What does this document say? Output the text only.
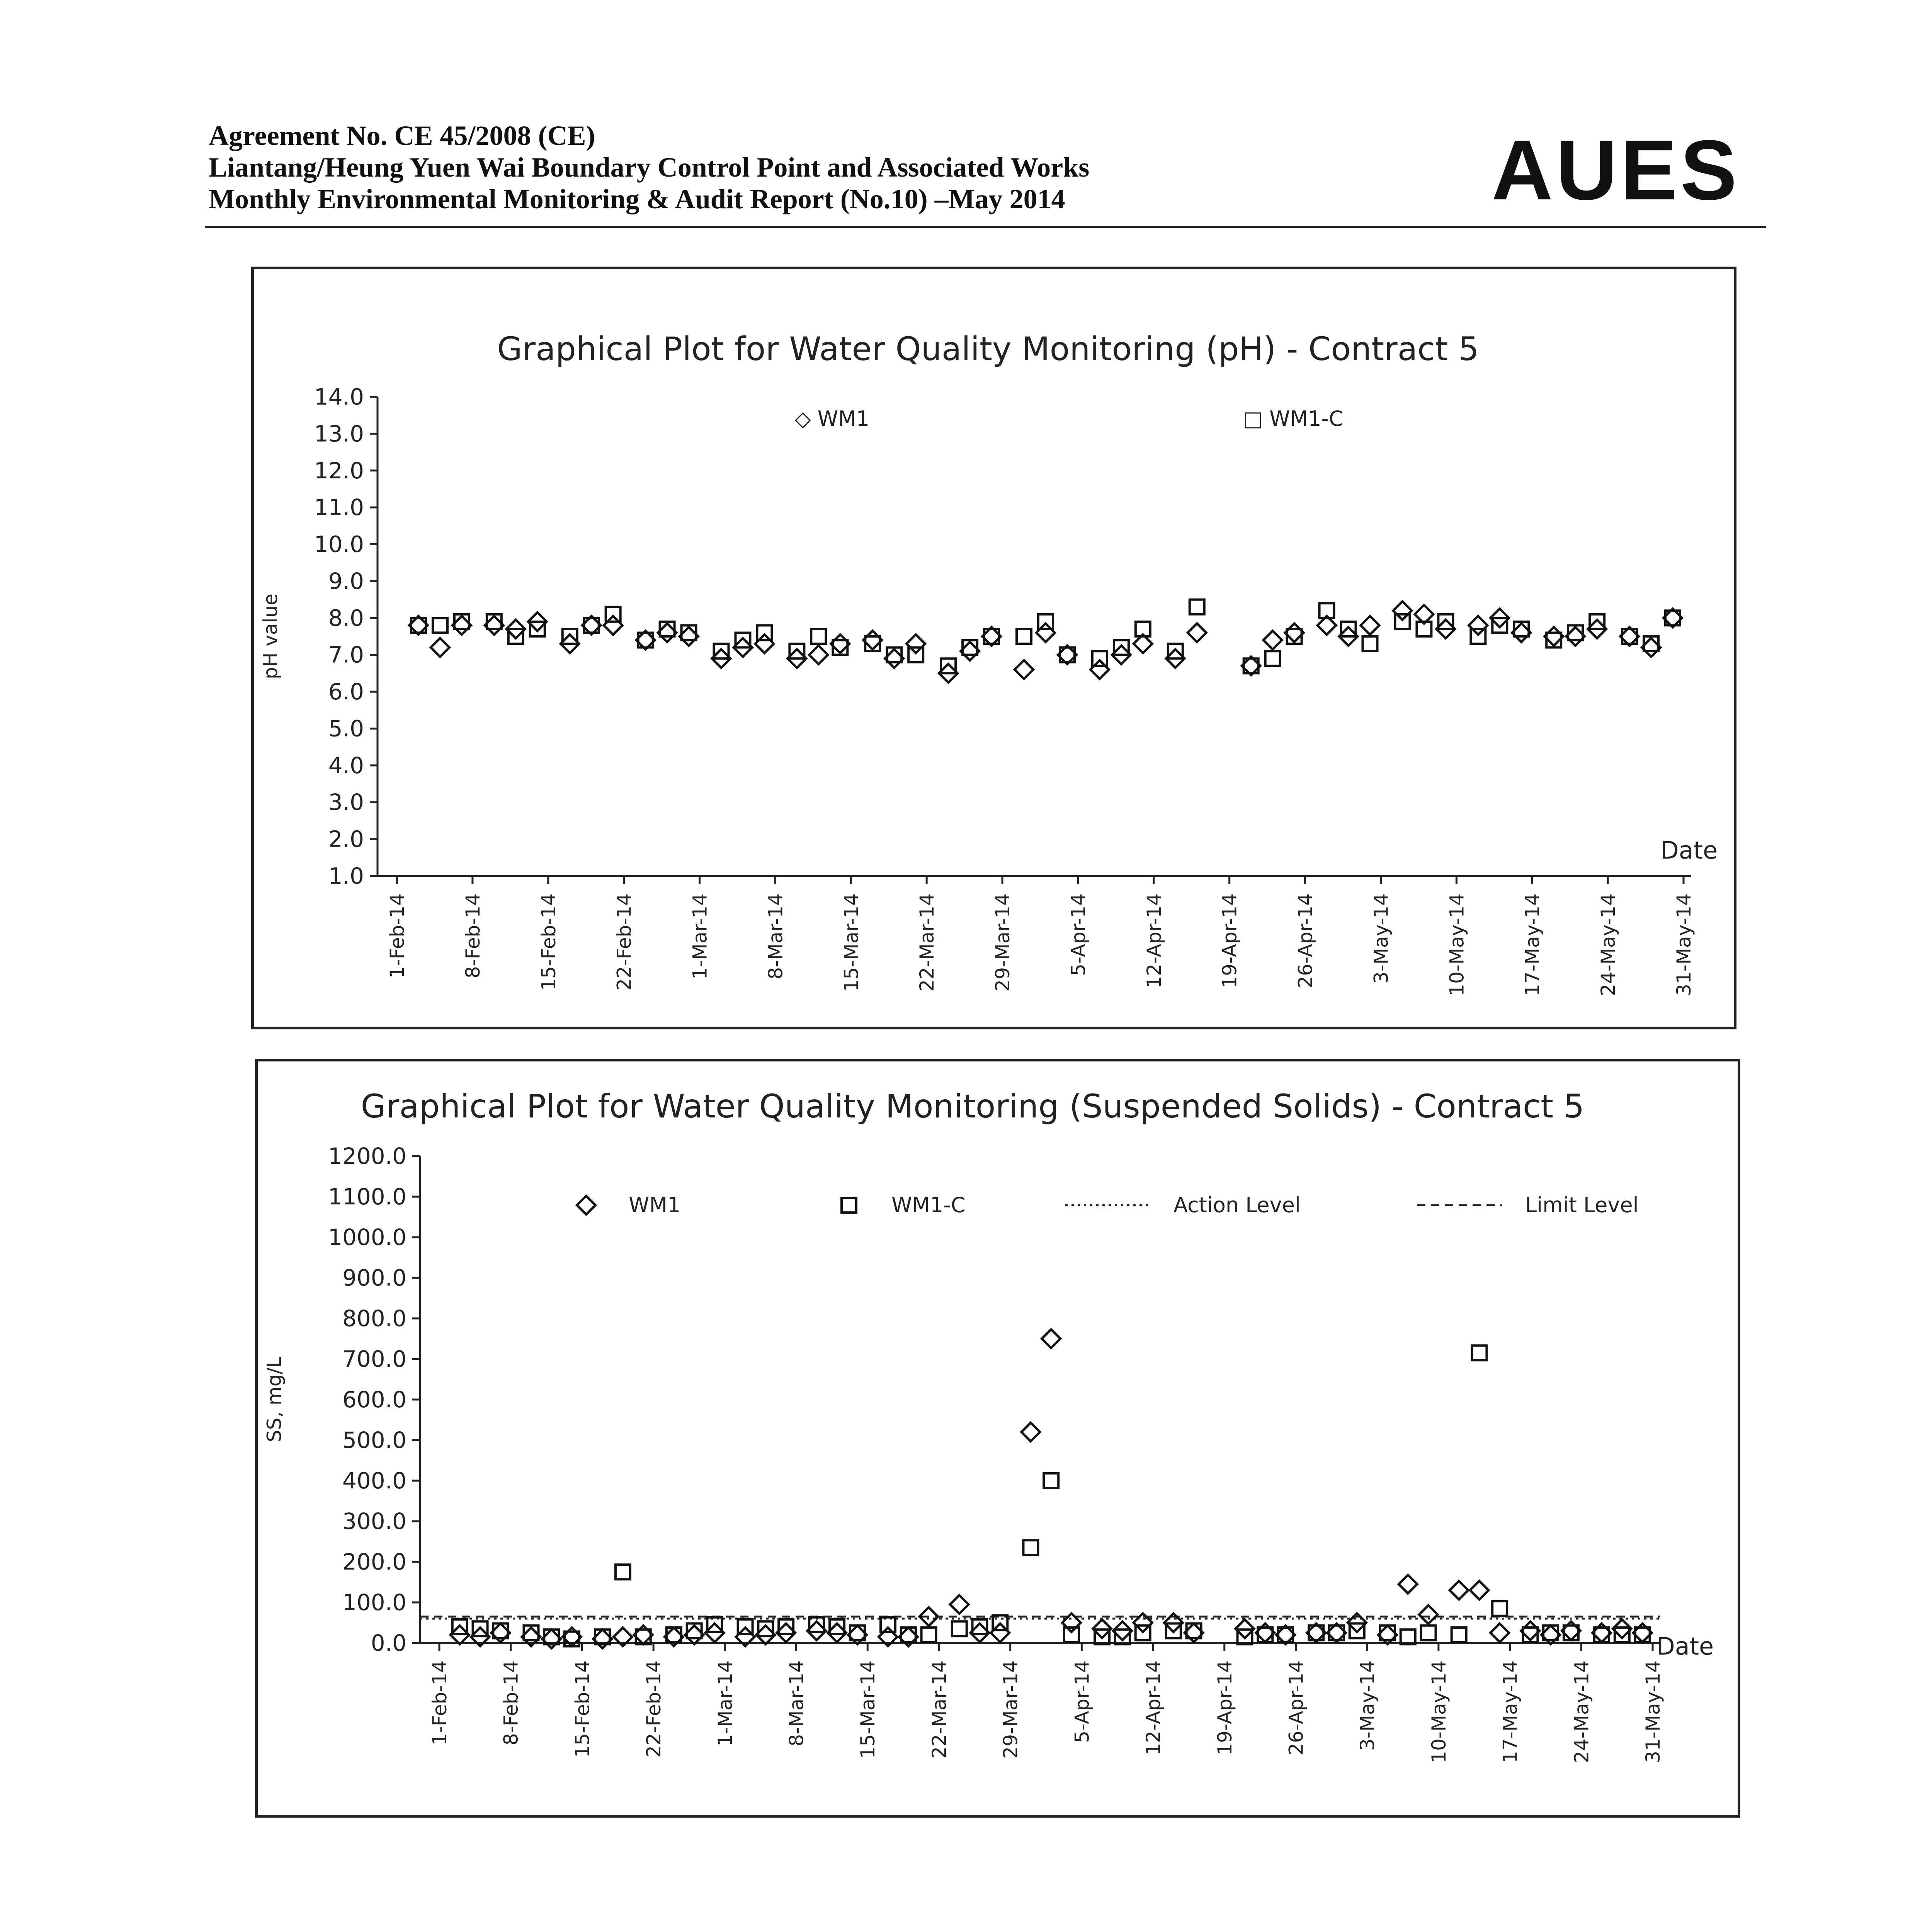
Agreement No. CE 45/2008 (CE)
Liantang/Heung Yuen Wai Boundary Control Point and Associated Works
Monthly Environmental Monitoring & Audit Report (No.10) –May 2014	AUES
Graphical Plot for Water Quality Monitoring (pH) - Contract 5
14.0
13.0
12.0
11.0
10.0
9.0
8.0
7.0
6.0
5.0
4.0
3.0
2.0
1.0
pH value
1-Feb-14	8-Feb-14	15-Feb-14	22-Feb-14	1-Mar-14	8-Mar-14	15-Mar-14	22-Mar-14	29-Mar-14	5-Apr-14	12-Apr-14	19-Apr-14	26-Apr-14	3-May-14	10-May-14	17-May-14	24-May-14	31-May-14
Date
◇ WM1	□ WM1-C
Graphical Plot for Water Quality Monitoring (Suspended Solids) - Contract 5
1200.0
1100.0
1000.0
900.0
800.0
700.0
600.0
500.0
400.0
300.0
200.0
100.0
0.0
SS, mg/L
1-Feb-14	8-Feb-14	15-Feb-14	22-Feb-14	1-Mar-14	8-Mar-14	15-Mar-14	22-Mar-14	29-Mar-14	5-Apr-14	12-Apr-14	19-Apr-14	26-Apr-14	3-May-14	10-May-14	17-May-14	24-May-14	31-May-14
Date
WM1	WM1-C	Action Level	Limit Level
